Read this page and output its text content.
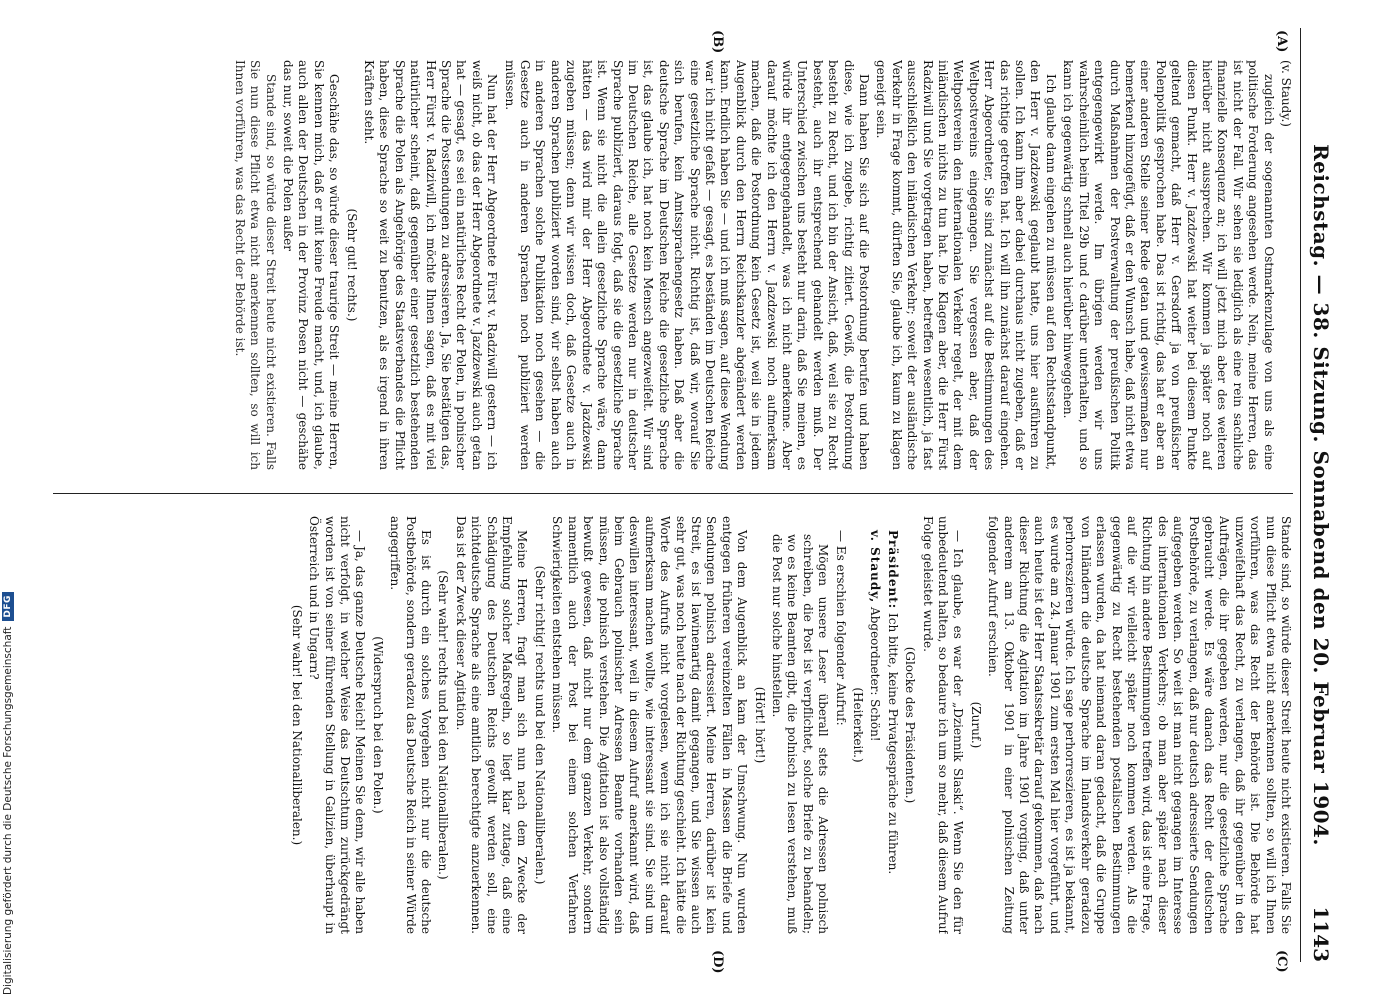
Reichstag. — 38. Sitzung. Sonnabend den 20. Februar 1904.
1143
(A)
(B)
(C)
(D)

(v. Staudy.)

zugleich der sogenannten Ostmarkenzulage von uns als eine politische Forderung angesehen werde. Nein, meine Herren, das ist nicht der Fall. Wir sehen sie lediglich als eine rein sachliche finanzielle Konsequenz an; ich will jetzt mich aber des weiteren hierüber nicht aussprechen. Wir kommen ja später noch auf diesen Punkt. Herr v. Jazdzewski hat weiter bei diesem Punkte geltend gemacht, daß Herr v. Gersdorff ja von preußischer Polenpolitik gesprochen habe. Das ist richtig, das hat er aber an einer anderen Stelle seiner Rede getan und gewissermaßen nur bemerkend hinzugefügt, daß er den Wunsch habe, daß nicht etwa durch Maßnahmen der Postverwaltung der preußischen Politik entgegengewirkt werde. Im übrigen werden wir uns wahrscheinlich beim Titel 29b und c darüber unterhalten, und so kann ich gegenwärtig schnell auch hierüber hinweggehen.

Ich glaube dann eingehen zu müssen auf den Rechtsstandpunkt, den Herr v. Jazdzewski geglaubt hatte, uns hier ausführen zu sollen. Ich kann ihm aber dabei durchaus nicht zugeben, daß er das richtige getroffen hat. Ich will ihn zunächst darauf eingehen. Herr Abgeordneter, Sie sind zunächst auf die Bestimmungen des Weltpostvereins eingegangen. Sie vergessen aber, daß der Weltpostverein den internationalen Verkehr regelt, der mit dem inländischen nichts zu tun hat. Die Klagen aber, die Herr Fürst Radziwill und Sie vorgetragen haben, betreffen wesentlich, ja fast ausschließlich den inländischen Verkehr; soweit der ausländische Verkehr in Frage kommt, dürften Sie, glaube ich, kaum zu klagen geneigt sein.

Dann haben Sie sich auf die Postordnung berufen und haben diese, wie ich zugebe, richtig zitiert. Gewiß, die Postordnung besteht zu Recht, und ich bin der Ansicht, daß, weil sie zu Recht besteht, auch ihr entsprechend gehandelt werden muß. Der Unterschied zwischen uns besteht nur darin, daß Sie meinen, es würde ihr entgegengehandelt, was ich nicht anerkenne. Aber darauf möchte ich den Herrn v. Jazdzewski noch aufmerksam machen, daß die Postordnung kein Gesetz ist, weil sie in jedem Augenblick durch den Herrn Reichskanzler abgeändert werden kann. Endlich haben Sie — und ich muß sagen, auf diese Wendung war ich nicht gefaßt — gesagt, es beständen im Deutschen Reiche eine gesetzliche Sprache nicht. Richtig ist, daß wir, worauf Sie sich berufen, kein Amtssprachengesetz haben. Daß aber die deutsche Sprache im Deutschen Reiche die gesetzliche Sprache ist, das glaube ich, hat noch kein Mensch angezweifelt. Wir sind im Deutschen Reiche, alle Gesetze werden nur in deutscher Sprache publiziert, daraus folgt, daß sie die gesetzliche Sprache ist. Wenn sie nicht die allein gesetzliche Sprache wäre, dann hätten — das wird mir der Herr Abgeordnete v. Jazdzewski zugeben müssen; denn wir wissen doch, daß Gesetze auch in anderen Sprachen publiziert worden sind, wir selbst haben auch in anderen Sprachen solche Publikation noch gesehen — die Gesetze auch in anderen Sprachen noch publiziert werden müssen.

Nun hat der Herr Abgeordnete Fürst v. Radziwill gestern — ich weiß nicht, ob das der Herr Abgeordnete v. Jazdzewski auch getan hat — gesagt, es sei ein natürliches Recht der Polen, in polnischer Sprache die Postsendungen zu adressieren. Ja, Sie bestätigen das, Herr Fürst v. Radziwill, ich möchte Ihnen sagen, daß es mit viel natürlicher scheint, daß gegenüber einer gesetzlich bestehenden Sprache die Polen als Angehörige des Staatsverbandes die Pflicht haben, diese Sprache so weit zu benutzen, als es irgend in ihren Kräften steht.

(Sehr gut! rechts.)

Geschähe das, so würde dieser traurige Streit — meine Herren, Sie kennen mich, daß er mit keine Freude macht, und, ich glaube, auch allen der Deutschen in der Provinz Posen nicht — geschähe das nur, soweit die Polen außer

Stande sind, so würde dieser Streit heute nicht existieren. Falls Sie nun diese Pflicht etwa nicht anerkennen sollten, so will ich Ihnen vorführen, was das Recht der Behörde ist.

Stande sind, so würde dieser Streit heute nicht existieren. Falls Sie nun diese Pflicht etwa nicht anerkennen sollten, so will ich Ihnen vorführen, was das Recht der Behörde ist. Die Behörde hat unzweifelhaft das Recht, zu verlangen, daß ihr gegenüber in den Aufträgen, die ihr gegeben werden, nur die gesetzliche Sprache gebraucht werde. Es wäre danach das Recht der deutschen Postbehörde, zu verlangen, daß nur deutsch adressierte Sendungen aufgegeben werden. So weit ist man nicht gegangen im Interesse des internationalen Verkehrs; ob man aber später nach dieser Richtung hin andere Bestimmungen treffen wird, das ist eine Frage, auf die wir vielleicht später noch kommen werden. Als die gegenwärtig zu Recht bestehenden postalischen Bestimmungen erlassen wurden, da hat niemand daran gedacht, daß die Gruppe von Inländern die deutsche Sprache im Inlandsverkehr geradezu perhorreszieren würde. Ich sage perhorreszieren, es ist ja bekannt, es wurde am 24. Januar 1901 zum ersten Mal hier vorgeführt, und auch heute ist der Herr Staatssekretär darauf gekommen, daß nach dieser Richtung die Agitation im Jahre 1901 vorging, daß unter anderem am 13. Oktober 1901 in einer polnischen Zeitung folgender Aufruf erschien.

(Zuruf.)

— Ich glaube, es war der „Dziennik Slaski“. Wenn Sie den für unbedeutend halten, so bedaure ich um so mehr, daß diesem Aufruf Folge geleistet wurde.

(Glocke des Präsidenten.)

Präsident: Ich bitte, keine Privatgespräche zu führen.

v. Staudy, Abgeordneter: Schön!

(Heiterkeit.)

— Es erschien folgender Aufruf:

Mögen unsere Leser überall stets die Adressen polnisch schreiben, die Post ist verpflichtet, solche Briefe zu behandeln; wo es keine Beamten gibt, die polnisch zu lesen verstehen, muß die Post nur solche hinstellen.

(Hört! hört!)

Von dem Augenblick an kam der Umschwung. Nun wurden entgegen früheren vereinzelten Fällen in Massen die Briefe und Sendungen polnisch adressiert. Meine Herren, darüber ist kein Streit, es ist lawinenartig damit gegangen, und Sie wissen auch sehr gut, was noch heute nach der Richtung geschieht. Ich hätte die Worte des Aufrufs nicht vorgelesen, wenn ich sie nicht darauf aufmerksam machen wollte, wie interessant sie sind. Sie sind um deswillen interessant, weil in diesem Aufruf anerkannt wird, daß beim Gebrauch polnischer Adressen Beamte vorhanden sein müssen, die polnisch verstehen. Die Agitation ist also vollständig bewußt gewesen, daß nicht nur dem ganzen Verkehr, sondern namentlich auch der Post bei einem solchen Verfahren Schwierigkeiten entstehen müssen.

(Sehr richtig! rechts und bei den Nationalliberalen.)

Meine Herren, fragt man sich nun nach dem Zwecke der Empfehlung solcher Maßregeln, so liegt klar zutage, daß eine Schädigung des Deutschen Reichs gewollt werden soll, eine nichtdeutsche Sprache als eine amtlich berechtigte anzuerkennen. Das ist der Zweck dieser Agitation.

(Sehr wahr! rechts und bei den Nationalliberalen.)

Es ist durch ein solches Vorgehen nicht nur die deutsche Postbehörde, sondern geradezu das Deutsche Reich in seiner Würde angegriffen.

(Widerspruch bei den Polen.)

— Ja, das ganze Deutsche Reich! Meinen Sie denn, wir alle haben nicht verfolgt, in welcher Weise das Deutschtum zurückgedrängt worden ist von seiner führenden Stellung in Galizien, überhaupt in Österreich und in Ungarn?

(Sehr wahr! bei den Nationalliberalen.)

Digitalisierung gefördert durch die Deutsche Forschungsgemeinschaft
DFG
